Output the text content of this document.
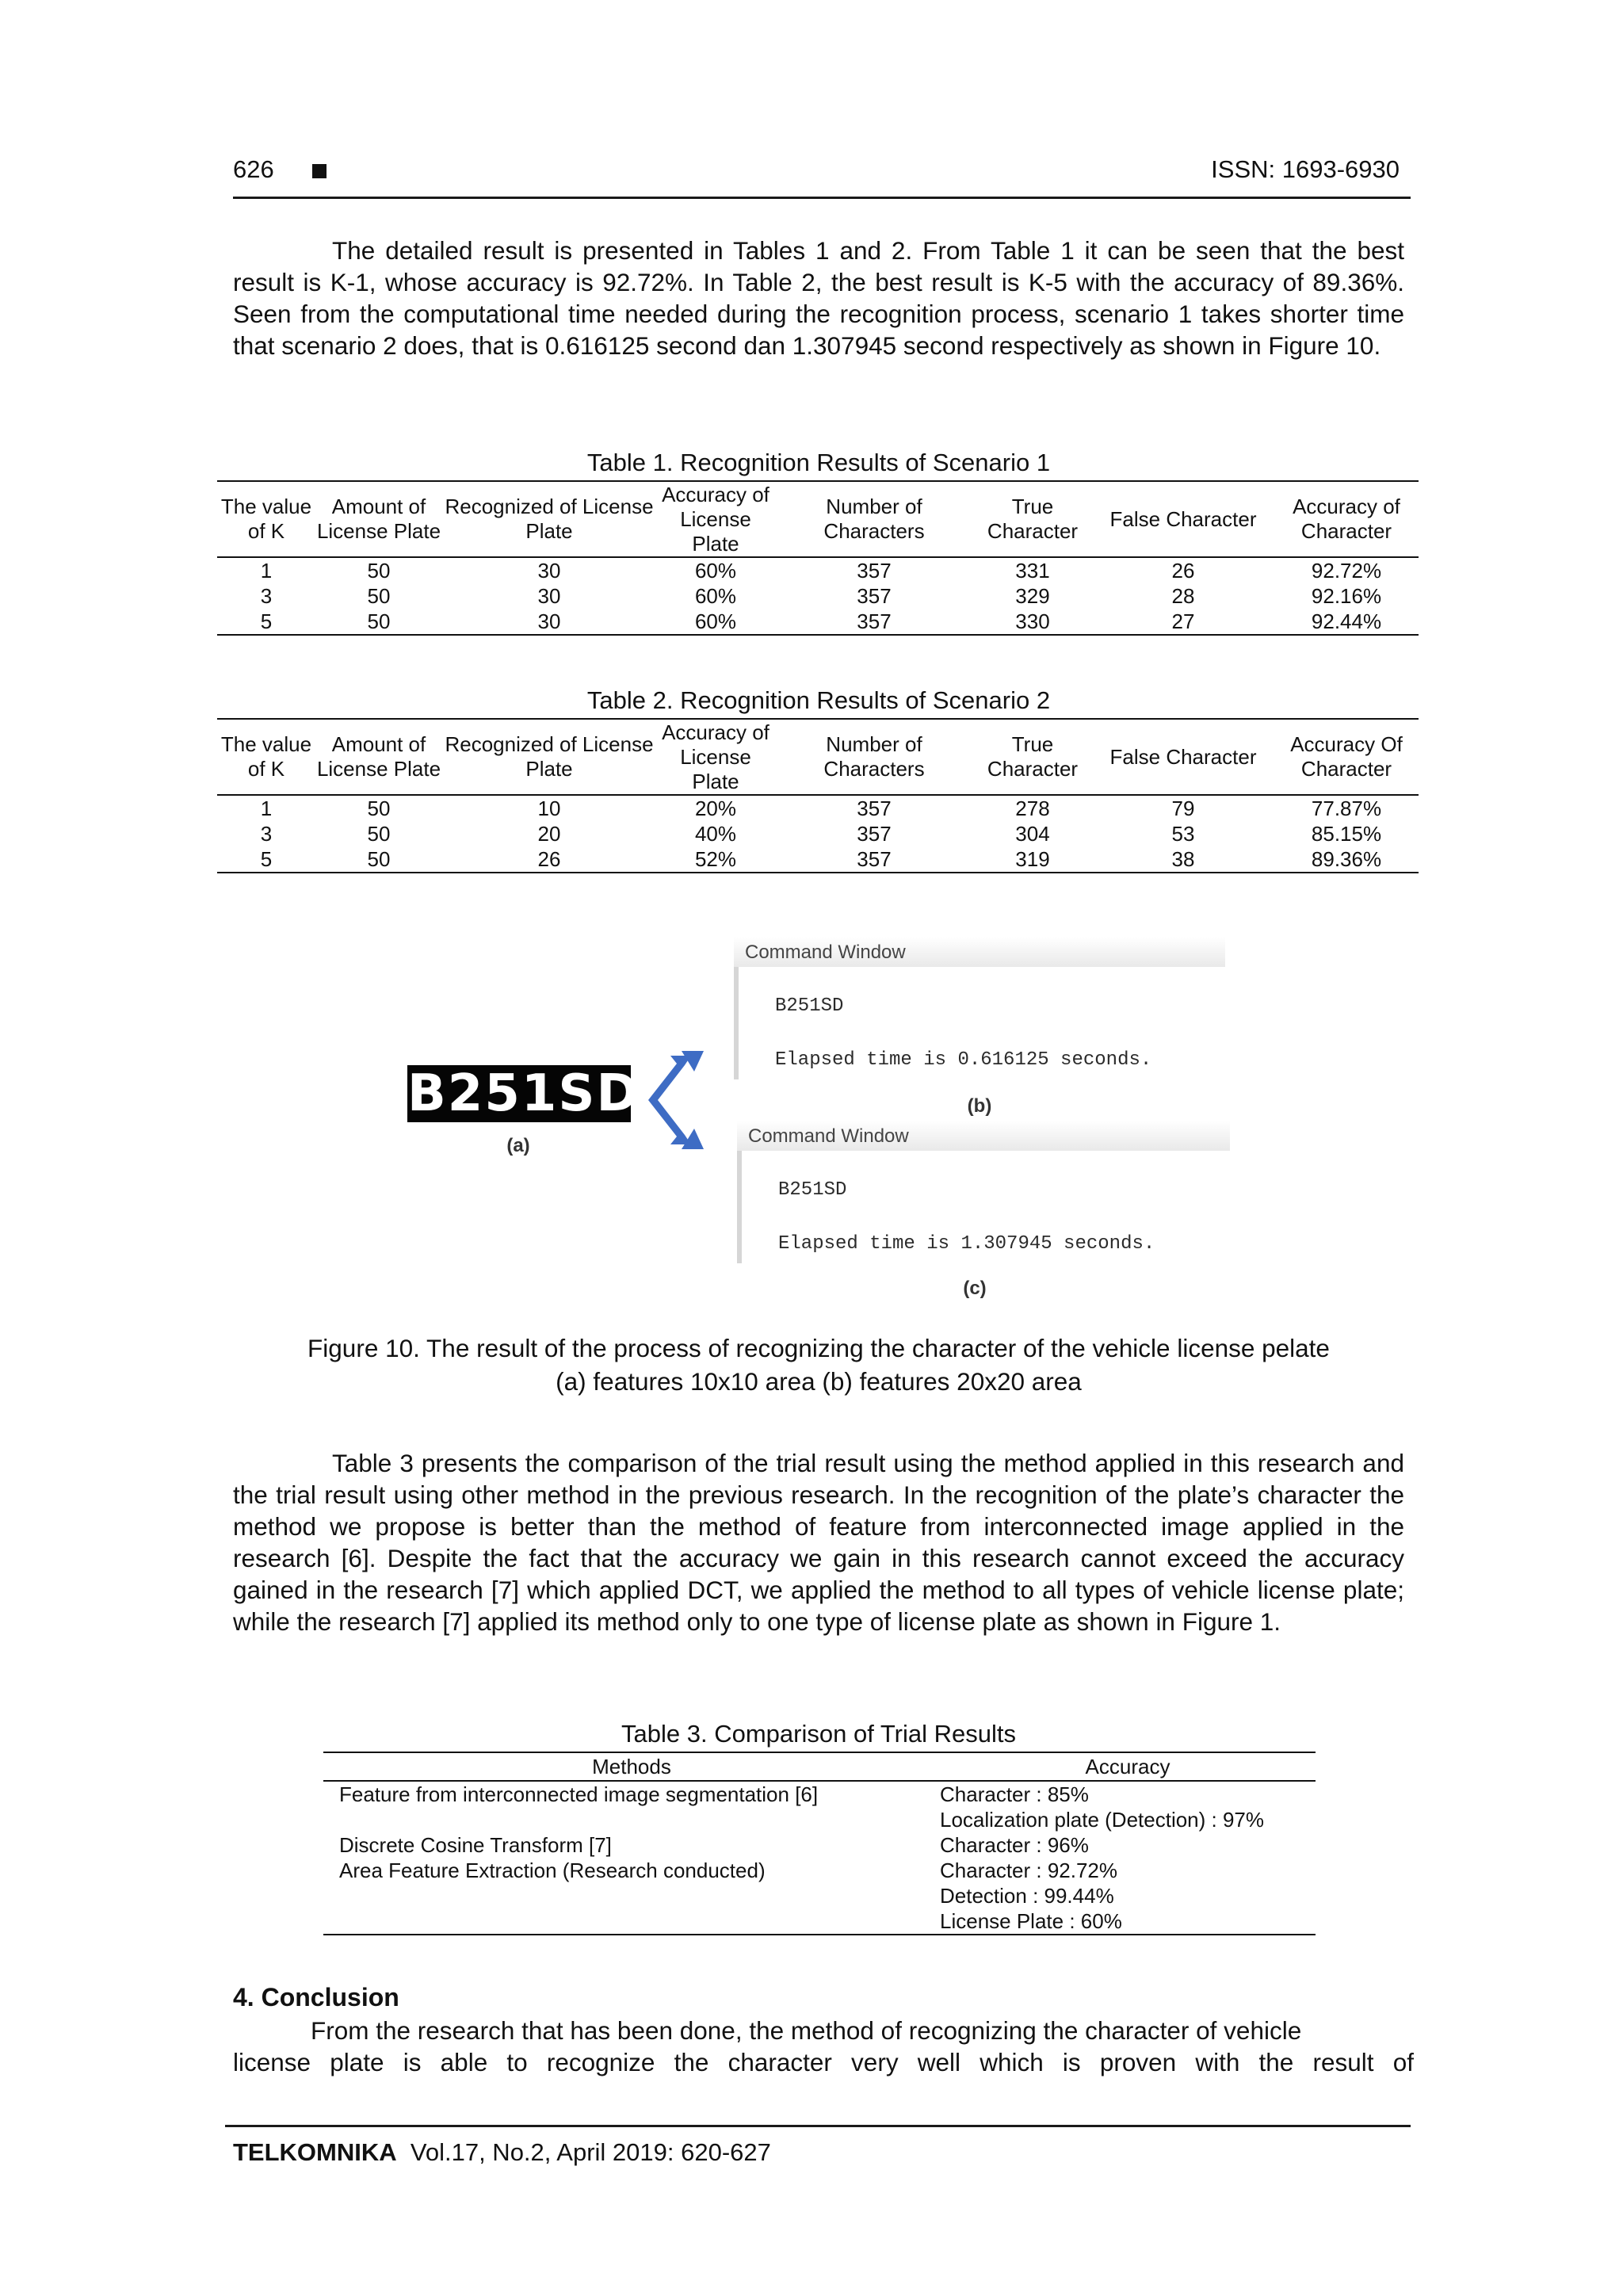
626	ISSN: 1693-6930
The detailed result is presented in Tables 1 and 2. From Table 1 it can be seen that the best result is K-1, whose accuracy is 92.72%. In Table 2, the best result is K-5 with the accuracy of 89.36%. Seen from the computational time needed during the recognition process, scenario 1 takes shorter time that scenario 2 does, that is 0.616125 second dan 1.307945 second respectively as shown in Figure 10.
Table 1. Recognition Results of Scenario 1
The value of K	Amount of License Plate	Recognized of License Plate	Accuracy of License Plate	Number of Characters	True Character	False Character	Accuracy of Character
1	50	30	60%	357	331	26	92.72%
3	50	30	60%	357	329	28	92.16%
5	50	30	60%	357	330	27	92.44%
Table 2. Recognition Results of Scenario 2
The value of K	Amount of License Plate	Recognized of License Plate	Accuracy of License Plate	Number of Characters	True Character	False Character	Accuracy Of Character
1	50	10	20%	357	278	79	77.87%
3	50	20	40%	357	304	53	85.15%
5	50	26	52%	357	319	38	89.36%
B251SD
(a)
Command Window
B251SD
Elapsed time is 0.616125 seconds.
(b)
Command Window
B251SD
Elapsed time is 1.307945 seconds.
(c)
Figure 10. The result of the process of recognizing the character of the vehicle license pelate
(a) features 10x10 area (b) features 20x20 area
Table 3 presents the comparison of the trial result using the method applied in this research and the trial result using other method in the previous research. In the recognition of the plate’s character the method we propose is better than the method of feature from interconnected image applied in the research [6]. Despite the fact that the accuracy we gain in this research cannot exceed the accuracy gained in the research [7] which applied DCT, we applied the method to all types of vehicle license plate; while the research [7] applied its method only to one type of license plate as shown in Figure 1.
Table 3. Comparison of Trial Results
Methods	Accuracy
Feature from interconnected image segmentation [6]	Character : 85%
Localization plate (Detection) : 97%

Discrete Cosine Transform [7]	Character : 96%

Area Feature Extraction (Research conducted)	Character : 92.72%
Detection : 99.44%
License Plate : 60%
4. Conclusion
From the research that has been done, the method of recognizing the character of vehicle
license plate is able to recognize the character very well which is proven with the result of
TELKOMNIKA Vol.17, No.2, April 2019: 620-627
